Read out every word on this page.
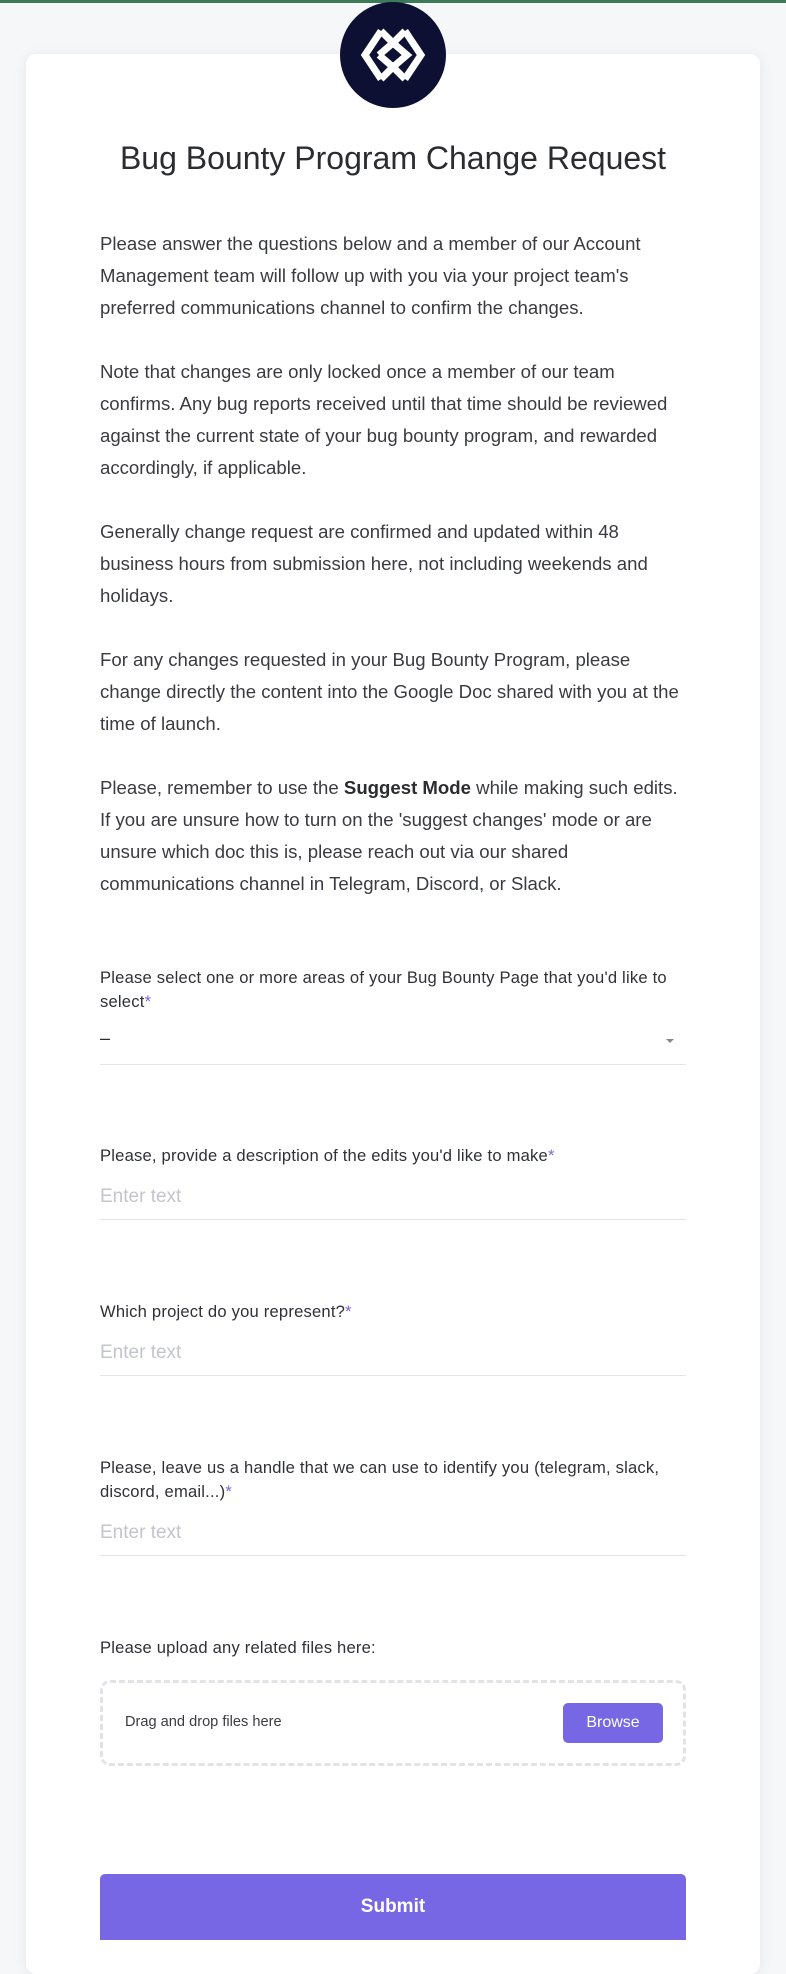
Bug Bounty Program Change Request

Please answer the questions below and a member of our Account Management team will follow up with you via your project team's preferred communications channel to confirm the changes.

Note that changes are only locked once a member of our team confirms. Any bug reports received until that time should be reviewed against the current state of your bug bounty program, and rewarded accordingly, if applicable.

Generally change request are confirmed and updated within 48 business hours from submission here, not including weekends and holidays.

For any changes requested in your Bug Bounty Program, please change directly the content into the Google Doc shared with you at the time of launch.

Please, remember to use the Suggest Mode while making such edits. If you are unsure how to turn on the 'suggest changes' mode or are unsure which doc this is, please reach out via our shared communications channel in Telegram, Discord, or Slack.

Please select one or more areas of your Bug Bounty Page that you'd like to select*
–
Please, provide a description of the edits you'd like to make*
Enter text
Which project do you represent?*
Enter text
Please, leave us a handle that we can use to identify you (telegram, slack, discord, email...)*
Enter text
Please upload any related files here:
Drag and drop files here	Browse
Submit
